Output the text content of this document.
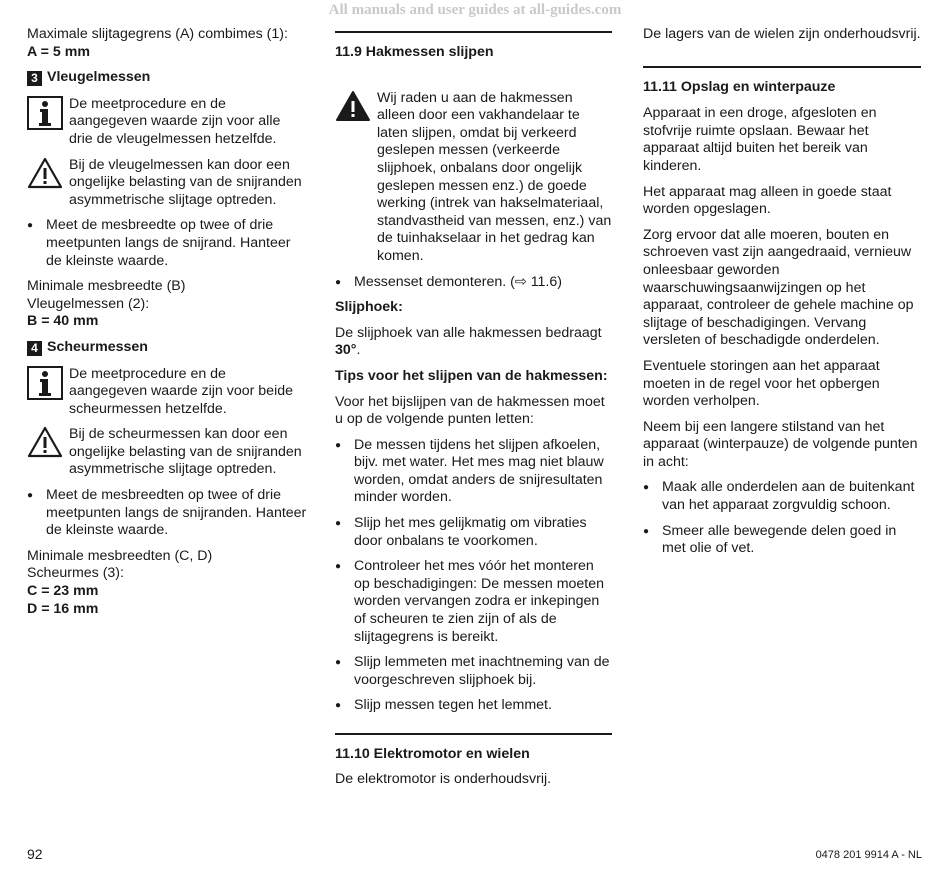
All manuals and user guides at all-guides.com

Maximale slijtagegrens (A) combimes (1):
A = 5 mm

3 Vleugelmessen
De meetprocedure en de aangegeven waarde zijn voor alle drie de vleugelmessen hetzelfde.
Bij de vleugelmessen kan door een ongelijke belasting van de snijranden asymmetrische slijtage optreden.
● Meet de mesbreedte op twee of drie meetpunten langs de snijrand. Hanteer de kleinste waarde.

Minimale mesbreedte (B)
Vleugelmessen (2):
B = 40 mm

4 Scheurmessen
De meetprocedure en de aangegeven waarde zijn voor beide scheurmessen hetzelfde.
Bij de scheurmessen kan door een ongelijke belasting van de snijranden asymmetrische slijtage optreden.
● Meet de mesbreedten op twee of drie meetpunten langs de snijranden. Hanteer de kleinste waarde.

Minimale mesbreedten (C, D)
Scheurmes (3):
C = 23 mm
D = 16 mm

11.9 Hakmessen slijpen
Wij raden u aan de hakmessen alleen door een vakhandelaar te laten slijpen, omdat bij verkeerd geslepen messen (verkeerde slijphoek, onbalans door ongelijk geslepen messen enz.) de goede werking (intrek van hakselmateriaal, standvastheid van messen, enz.) van de tuinhakselaar in het gedrag kan komen.
● Messenset demonteren. (⇨ 11.6)

Slijphoek:

De slijphoek van alle hakmessen bedraagt 30°.

Tips voor het slijpen van de hakmessen:

Voor het bijslijpen van de hakmessen moet u op de volgende punten letten:

● De messen tijdens het slijpen afkoelen, bijv. met water. Het mes mag niet blauw worden, omdat anders de snijresultaten minder worden.
● Slijp het mes gelijkmatig om vibraties door onbalans te voorkomen.
● Controleer het mes vóór het monteren op beschadigingen: De messen moeten worden vervangen zodra er inkepingen of scheuren te zien zijn of als de slijtagegrens is bereikt.
● Slijp lemmeten met inachtneming van de voorgeschreven slijphoek bij.
● Slijp messen tegen het lemmet.
11.10 Elektromotor en wielen

De elektromotor is onderhoudsvrij.

De lagers van de wielen zijn onderhoudsvrij.

11.11 Opslag en winterpauze

Apparaat in een droge, afgesloten en stofvrije ruimte opslaan. Bewaar het apparaat altijd buiten het bereik van kinderen.

Het apparaat mag alleen in goede staat worden opgeslagen.

Zorg ervoor dat alle moeren, bouten en schroeven vast zijn aangedraaid, vernieuw onleesbaar geworden waarschuwingsaanwijzingen op het apparaat, controleer de gehele machine op slijtage of beschadigingen. Vervang versleten of beschadigde onderdelen.

Eventuele storingen aan het apparaat moeten in de regel voor het opbergen worden verholpen.

Neem bij een langere stilstand van het apparaat (winterpauze) de volgende punten in acht:

● Maak alle onderdelen aan de buitenkant van het apparaat zorgvuldig schoon.
● Smeer alle bewegende delen goed in met olie of vet.
92	0478 201 9914 A - NL
